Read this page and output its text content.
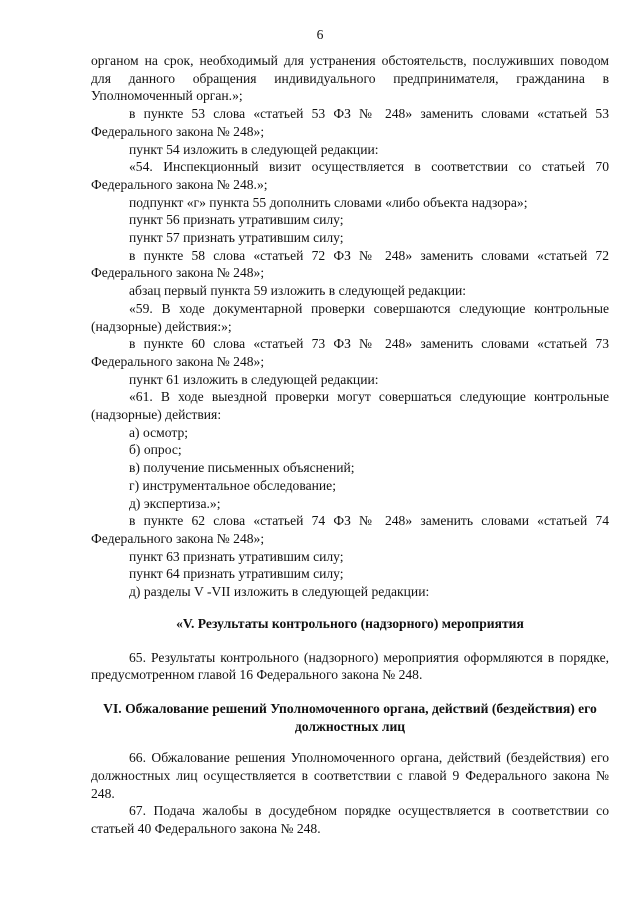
6

органом на срок, необходимый для устранения обстоятельств, послуживших поводом для данного обращения индивидуального предпринимателя, гражданина в Уполномоченный орган.»;

в пункте 53 слова «статьей 53 ФЗ № 248» заменить словами «статьей 53 Федерального закона № 248»;

пункт 54 изложить в следующей редакции:

«54. Инспекционный визит осуществляется в соответствии со статьей 70 Федерального закона № 248.»;

подпункт «г» пункта 55 дополнить словами «либо объекта надзора»;

пункт 56 признать утратившим силу;

пункт 57 признать утратившим силу;

в пункте 58 слова «статьей 72 ФЗ № 248» заменить словами «статьей 72 Федерального закона № 248»;

абзац первый пункта 59 изложить в следующей редакции:

«59. В ходе документарной проверки совершаются следующие контрольные (надзорные) действия:»;

в пункте 60 слова «статьей 73 ФЗ № 248» заменить словами «статьей 73 Федерального закона № 248»;

пункт 61 изложить в следующей редакции:

«61. В ходе выездной проверки могут совершаться следующие контрольные (надзорные) действия:

а) осмотр;

б) опрос;

в) получение письменных объяснений;

г) инструментальное обследование;

д) экспертиза.»;

в пункте 62 слова «статьей 74 ФЗ № 248» заменить словами «статьей 74 Федерального закона № 248»;

пункт 63 признать утратившим силу;

пункт 64 признать утратившим силу;

д) разделы V -VII изложить в следующей редакции:

«V. Результаты контрольного (надзорного) мероприятия

65. Результаты контрольного (надзорного) мероприятия оформляются в порядке, предусмотренном главой 16 Федерального закона № 248.

VI. Обжалование решений Уполномоченного органа, действий (бездействия) его должностных лиц

66. Обжалование решения Уполномоченного органа, действий (бездействия) его должностных лиц осуществляется в соответствии с главой 9 Федерального закона № 248.

67. Подача жалобы в досудебном порядке осуществляется в соответствии со статьей 40 Федерального закона № 248.
